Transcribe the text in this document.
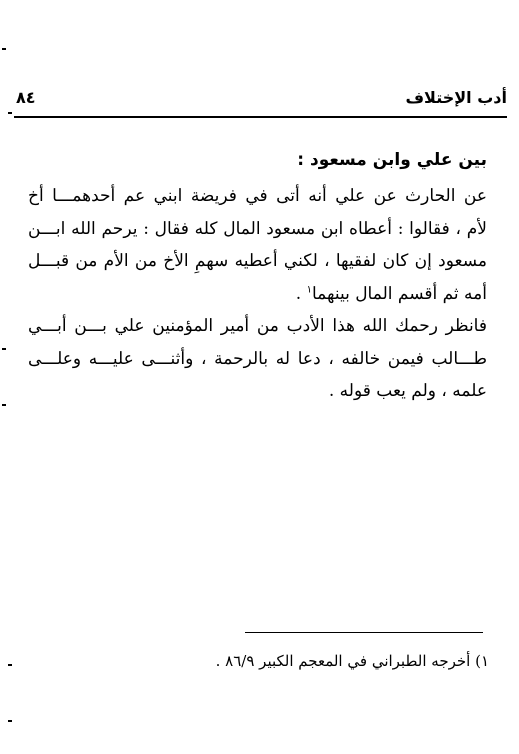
أدب الإختلاف
٨٤
بين علي وابن مسعود :
عن الحارث عن علي أنه أتى في فريضة ابني عم أحدهمـــا أخ
لأم ، فقالوا : أعطاه ابن مسعود المال كله فقال : يرحم الله ابـــن
مسعود إن كان لفقيها ، لكني أعطيه سهمِ الأخ من الأم من قبـــل
أمه ثم أقسم المال بينهما$^١$ .
فانظر رحمك الله هذا الأدب من أمير المؤمنين علي بـــن أبـــي
طـــالب فيمن خالفه ، دعا له بالرحمة ، وأثنـــى عليـــه وعلـــى
علمه ، ولم يعب قوله .
١) أخرجه الطبراني في المعجم الكبير ٨٦/٩ .
